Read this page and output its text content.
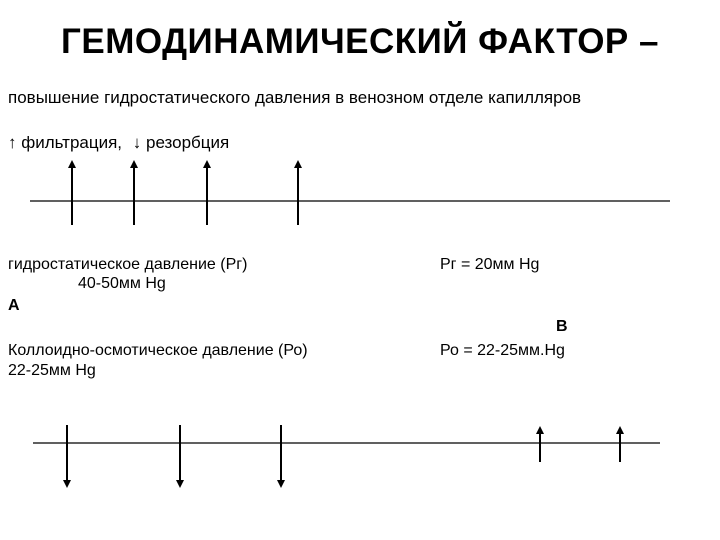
ГЕМОДИНАМИЧЕСКИЙ ФАКТОР –
повышение гидростатического давления в венозном отделе капилляров
↑ фильтрация, ↓ резорбция
гидростатическое давление (Рг)
40-50мм Hg
А
Коллоидно-осмотическое давление (Ро)
22-25мм Hg
Рг = 20мм Hg
В
Ро = 22-25мм.Hg
